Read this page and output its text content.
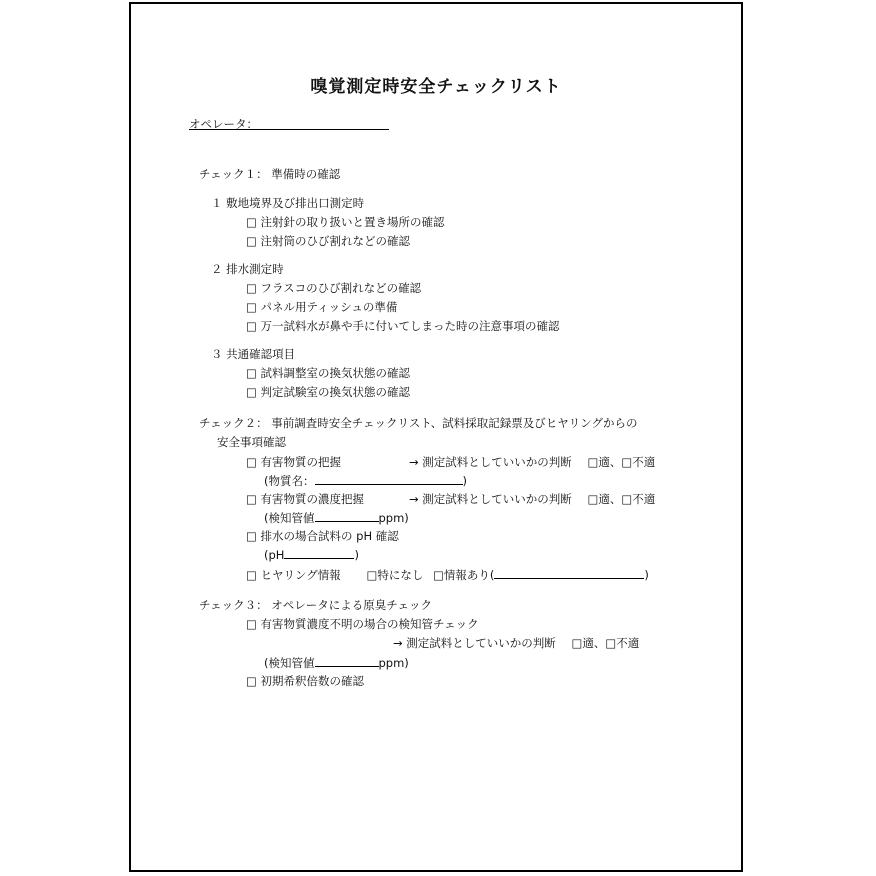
嗅覚測定時安全チェックリスト
オペレータ：
チェック１： 準備時の確認
１ 敷地境界及び排出口測定時
□ 注射針の取り扱いと置き場所の確認
□ 注射筒のひび割れなどの確認
２ 排水測定時
□ フラスコのひび割れなどの確認
□ パネル用ティッシュの準備
□ 万一試料水が鼻や手に付いてしまった時の注意事項の確認
３ 共通確認項目
□ 試料調整室の換気状態の確認
□ 判定試験室の換気状態の確認
チェック２： 事前調査時安全チェックリスト、試料採取記録票及びヒヤリングからの
安全事項確認
□ 有害物質の把握	→ 測定試料としていいかの判断 □適、□不適
(物質名：	)
□ 有害物質の濃度把握	→ 測定試料としていいかの判断 □適、□不適
(検知管値	ppm)
□ 排水の場合試料の pH 確認
(pH	)
□ ヒヤリング情報 □特になし □情報あり(	)
チェック３： オペレータによる原臭チェック
□ 有害物質濃度不明の場合の検知管チェック
→ 測定試料としていいかの判断 □適、□不適
(検知管値	ppm)
□ 初期希釈倍数の確認
